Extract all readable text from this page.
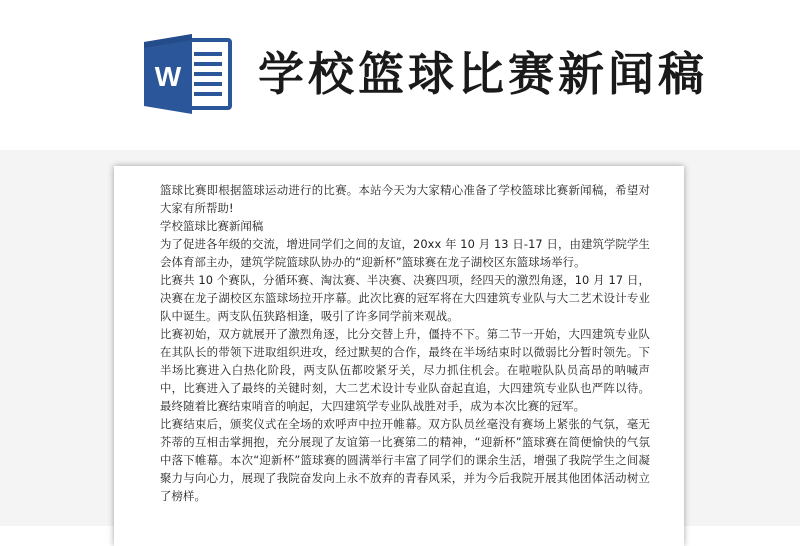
W 学校篮球比赛新闻稿

篮球比赛即根据篮球运动进行的比赛。本站今天为大家精心准备了学校篮球比赛新闻稿，希望对大家有所帮助!

学校篮球比赛新闻稿

为了促进各年级的交流，增进同学们之间的友谊，20xx 年 10 月 13 日-17 日，由建筑学院学生会体育部主办，建筑学院篮球队协办的“迎新杯”篮球赛在龙子湖校区东篮球场举行。

比赛共 10 个赛队，分循环赛、淘汰赛、半决赛、决赛四项，经四天的激烈角逐，10 月 17 日，决赛在龙子湖校区东篮球场拉开序幕。此次比赛的冠军将在大四建筑专业队与大二艺术设计专业队中诞生。两支队伍狭路相逢，吸引了许多同学前来观战。

比赛初始，双方就展开了激烈角逐，比分交替上升，僵持不下。第二节一开始，大四建筑专业队在其队长的带领下进取组织进攻，经过默契的合作，最终在半场结束时以微弱比分暂时领先。下半场比赛进入白热化阶段，两支队伍都咬紧牙关，尽力抓住机会。在啦啦队队员高昂的呐喊声中，比赛进入了最终的关键时刻，大二艺术设计专业队奋起直追，大四建筑专业队也严阵以待。最终随着比赛结束哨音的响起，大四建筑学专业队战胜对手，成为本次比赛的冠军。

比赛结束后，颁奖仪式在全场的欢呼声中拉开帷幕。双方队员丝毫没有赛场上紧张的气氛，毫无芥蒂的互相击掌拥抱，充分展现了友谊第一比赛第二的精神，“迎新杯”篮球赛在简便愉快的气氛中落下帷幕。本次“迎新杯”篮球赛的圆满举行丰富了同学们的课余生活，增强了我院学生之间凝聚力与向心力，展现了我院奋发向上永不放弃的青春风采，并为今后我院开展其他团体活动树立了榜样。
